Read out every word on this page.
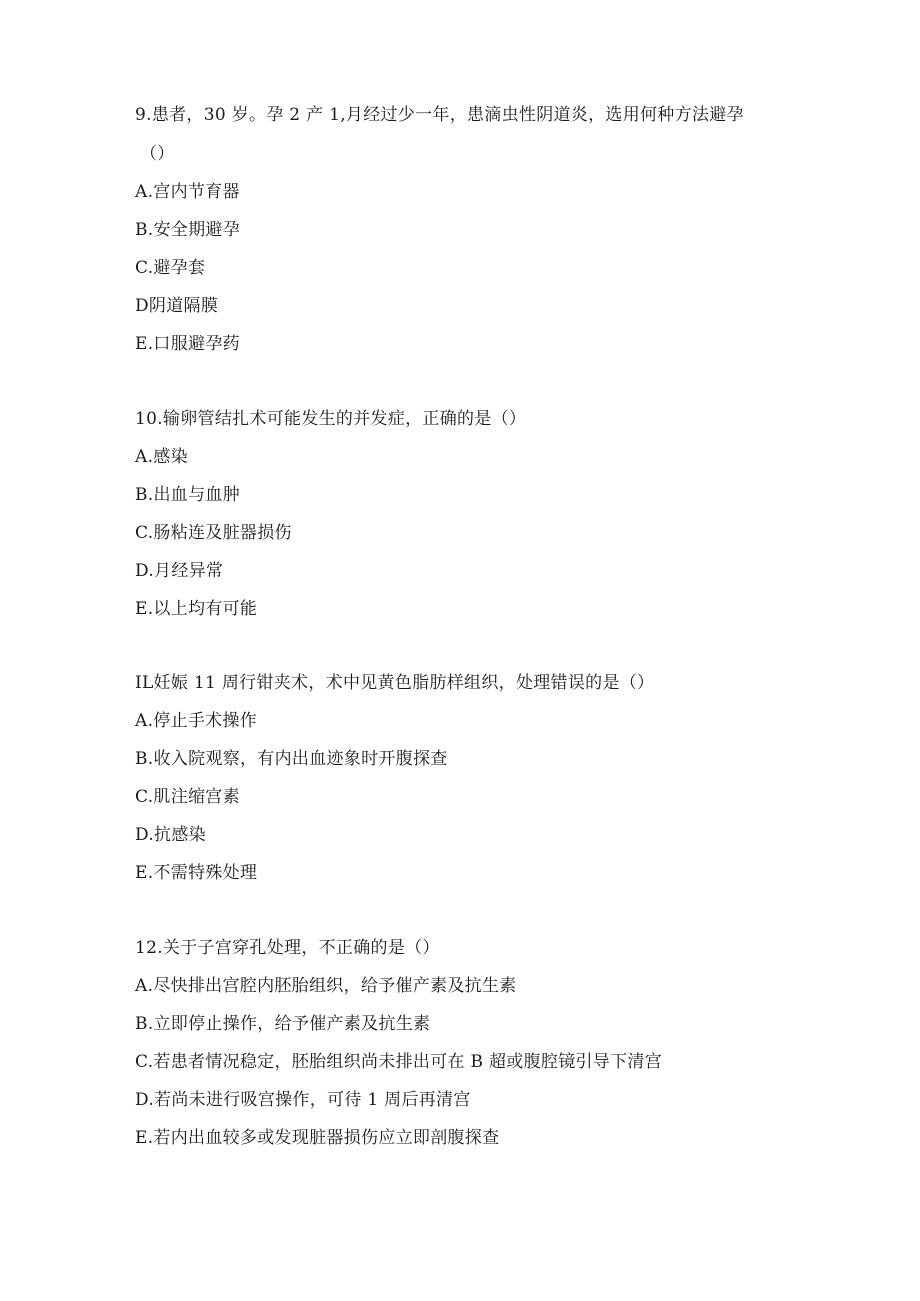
9.患者，30 岁。孕 2 产 1,月经过少一年，患滴虫性阴道炎，选用何种方法避孕
（）
A.宫内节育器
B.安全期避孕
C.避孕套
D阴道隔膜
E.口服避孕药
10.输卵管结扎术可能发生的并发症，正确的是（）
A.感染
B.出血与血肿
C.肠粘连及脏器损伤
D.月经异常
E.以上均有可能
IL妊娠 11 周行钳夹术，术中见黄色脂肪样组织，处理错误的是（）
A.停止手术操作
B.收入院观察，有内出血迹象时开腹探查
C.肌注缩宫素
D.抗感染
E.不需特殊处理
12.关于子宫穿孔处理，不正确的是（）
A.尽快排出宫腔内胚胎组织，给予催产素及抗生素
B.立即停止操作，给予催产素及抗生素
C.若患者情况稳定，胚胎组织尚未排出可在 B 超或腹腔镜引导下清宫
D.若尚未进行吸宫操作，可待 1 周后再清宫
E.若内出血较多或发现脏器损伤应立即剖腹探查
